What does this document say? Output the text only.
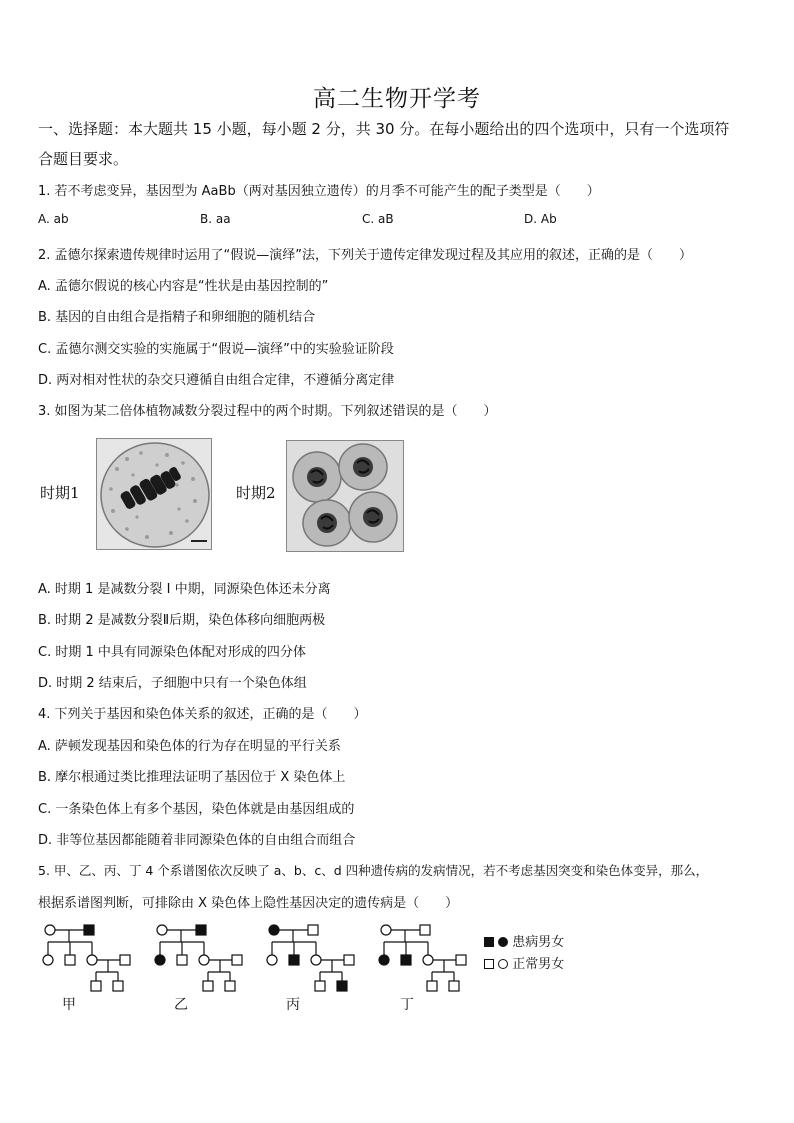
高二生物开学考
一、选择题：本大题共 15 小题，每小题 2 分，共 30 分。在每小题给出的四个选项中，只有一个选项符
合题目要求。
1. 若不考虑变异，基因型为 AaBb（两对基因独立遗传）的月季不可能产生的配子类型是（　　）
A. ab	B. aa	C. aB	D. Ab
2. 孟德尔探索遗传规律时运用了“假说—演绎”法，下列关于遗传定律发现过程及其应用的叙述，正确的是（　　）
A. 孟德尔假说的核心内容是“性状是由基因控制的”
B. 基因的自由组合是指精子和卵细胞的随机结合
C. 孟德尔测交实验的实施属于“假说—演绎”中的实验验证阶段
D. 两对相对性状的杂交只遵循自由组合定律，不遵循分离定律
3. 如图为某二倍体植物减数分裂过程中的两个时期。下列叙述错误的是（　　）
时期1	时期2
A. 时期 1 是减数分裂 Ⅰ 中期，同源染色体还未分离
B. 时期 2 是减数分裂Ⅱ后期，染色体移向细胞两极
C. 时期 1 中具有同源染色体配对形成的四分体
D. 时期 2 结束后，子细胞中只有一个染色体组
4. 下列关于基因和染色体关系的叙述，正确的是（　　）
A. 萨顿发现基因和染色体的行为存在明显的平行关系
B. 摩尔根通过类比推理法证明了基因位于 X 染色体上
C. 一条染色体上有多个基因，染色体就是由基因组成的
D. 非等位基因都能随着非同源染色体的自由组合而组合
5. 甲、乙、丙、丁 4 个系谱图依次反映了 a、b、c、d 四种遗传病的发病情况，若不考虑基因突变和染色体变异，那么，
根据系谱图判断，可排除由 X 染色体上隐性基因决定的遗传病是（　　）
甲	乙	丙	丁
患病男女
正常男女
